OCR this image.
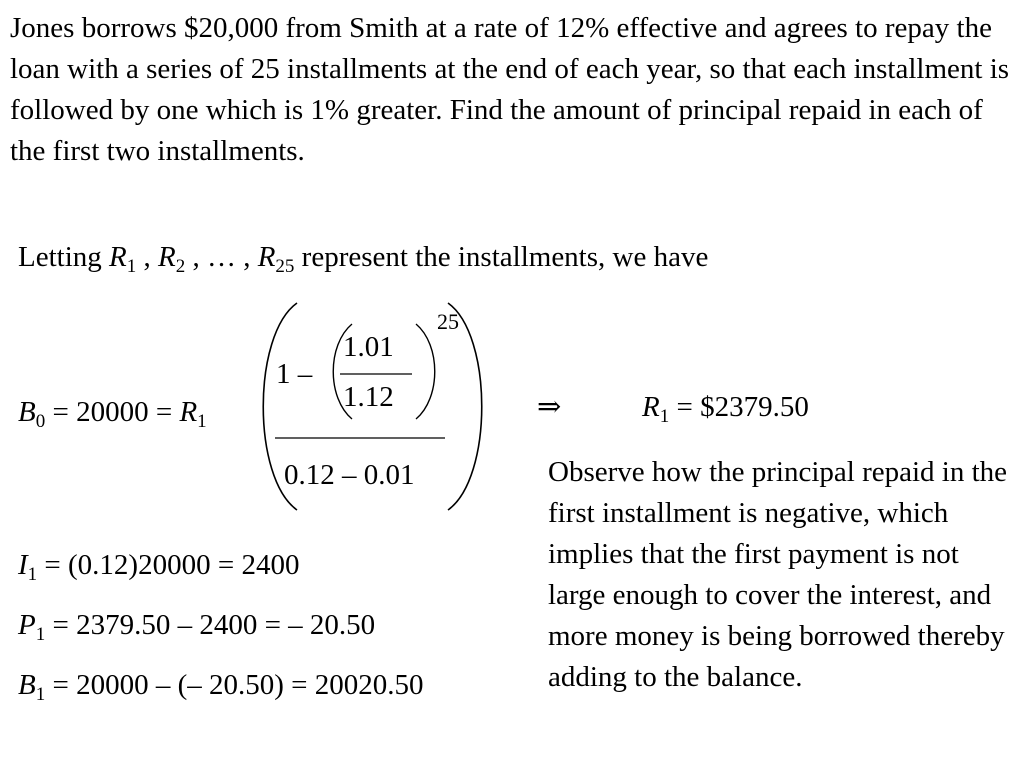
Jones borrows $20,000 from Smith at a rate of 12% effective and agrees to repay the loan with a series of 25 installments at the end of each year, so that each installment is followed by one which is 1% greater. Find the amount of principal repaid in each of the first two installments.
Letting $R_1$ , $R_2$ , … , $R_{25}$ represent the installments, we have
$B_0 = 20000 = R_1$
1 –
1.01
1.12
25
0.12 – 0.01
⇒	$R_1$ = $2379.50
$I_1 = (0.12)20000 = 2400$
$P_1 = 2379.50 - 2400$ = – 20.50
$B_1 = 20000$ – (– 20.50) = 20020.50
Observe how the principal repaid in the first installment is negative, which implies that the first payment is not large enough to cover the interest, and more money is being borrowed thereby adding to the balance.
